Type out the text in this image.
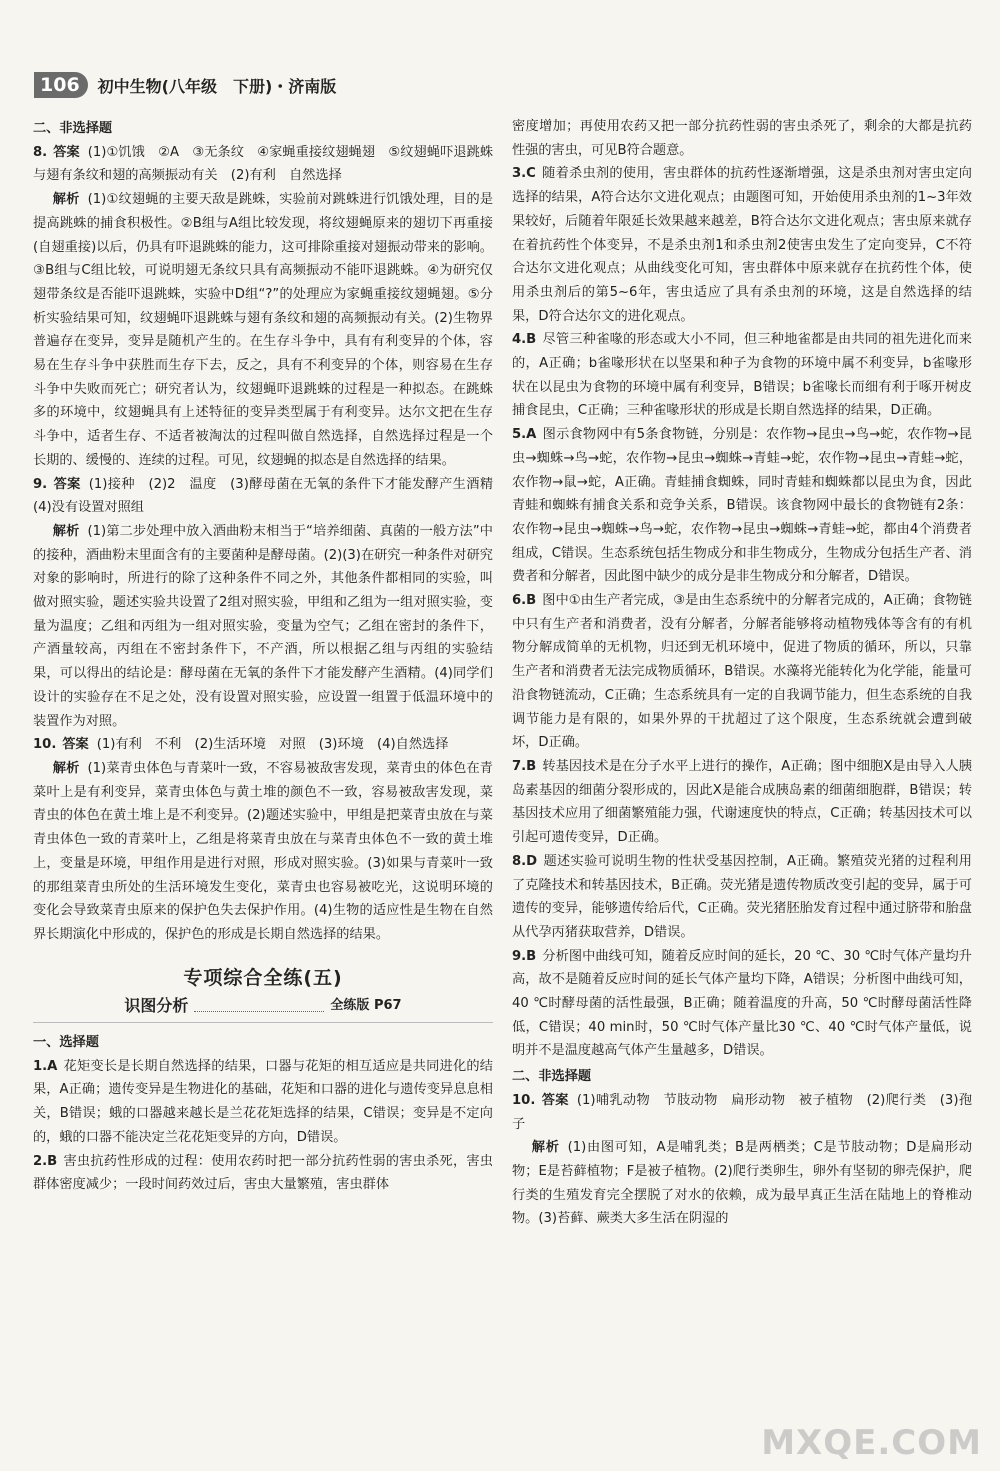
106	初中生物(八年级　下册)・济南版

二、非选择题

8. 答案 (1)①饥饿　②A　③无条纹　④家蝇重接纹翅蝇翅　⑤纹翅蝇吓退跳蛛与翅有条纹和翅的高频振动有关　(2)有利　自然选择

解析 (1)①纹翅蝇的主要天敌是跳蛛，实验前对跳蛛进行饥饿处理，目的是提高跳蛛的捕食积极性。②B组与A组比较发现，将纹翅蝇原来的翅切下再重接(自翅重接)以后，仍具有吓退跳蛛的能力，这可排除重接对翅振动带来的影响。③B组与C组比较，可说明翅无条纹只具有高频振动不能吓退跳蛛。④为研究仅翅带条纹是否能吓退跳蛛，实验中D组“?”的处理应为家蝇重接纹翅蝇翅。⑤分析实验结果可知，纹翅蝇吓退跳蛛与翅有条纹和翅的高频振动有关。(2)生物界普遍存在变异，变异是随机产生的。在生存斗争中，具有有利变异的个体，容易在生存斗争中获胜而生存下去，反之，具有不利变异的个体，则容易在生存斗争中失败而死亡；研究者认为，纹翅蝇吓退跳蛛的过程是一种拟态。在跳蛛多的环境中，纹翅蝇具有上述特征的变异类型属于有利变异。达尔文把在生存斗争中，适者生存、不适者被淘汰的过程叫做自然选择，自然选择过程是一个长期的、缓慢的、连续的过程。可见，纹翅蝇的拟态是自然选择的结果。

9. 答案 (1)接种　(2)2　温度　(3)酵母菌在无氧的条件下才能发酵产生酒精　(4)没有设置对照组

解析 (1)第二步处理中放入酒曲粉末相当于“培养细菌、真菌的一般方法”中的接种，酒曲粉末里面含有的主要菌种是酵母菌。(2)(3)在研究一种条件对研究对象的影响时，所进行的除了这种条件不同之外，其他条件都相同的实验，叫做对照实验，题述实验共设置了2组对照实验，甲组和乙组为一组对照实验，变量为温度；乙组和丙组为一组对照实验，变量为空气；乙组在密封的条件下，产酒量较高，丙组在不密封条件下，不产酒，所以根据乙组与丙组的实验结果，可以得出的结论是：酵母菌在无氧的条件下才能发酵产生酒精。(4)同学们设计的实验存在不足之处，没有设置对照实验，应设置一组置于低温环境中的装置作为对照。

10. 答案 (1)有利　不利　(2)生活环境　对照　(3)环境　(4)自然选择

解析 (1)菜青虫体色与青菜叶一致，不容易被敌害发现，菜青虫的体色在青菜叶上是有利变异，菜青虫体色与黄土堆的颜色不一致，容易被敌害发现，菜青虫的体色在黄土堆上是不利变异。(2)题述实验中，甲组是把菜青虫放在与菜青虫体色一致的青菜叶上，乙组是将菜青虫放在与菜青虫体色不一致的黄土堆上，变量是环境，甲组作用是进行对照，形成对照实验。(3)如果与青菜叶一致的那组菜青虫所处的生活环境发生变化，菜青虫也容易被吃光，这说明环境的变化会导致菜青虫原来的保护色失去保护作用。(4)生物的适应性是生物在自然界长期演化中形成的，保护色的形成是长期自然选择的结果。

专项综合全练(五)

识图分析	全练版 P67

一、选择题

1.A 花矩变长是长期自然选择的结果，口器与花矩的相互适应是共同进化的结果，A正确；遗传变异是生物进化的基础，花矩和口器的进化与遗传变异息息相关，B错误；蛾的口器越来越长是兰花花矩选择的结果，C错误；变异是不定向的，蛾的口器不能决定兰花花矩变异的方向，D错误。

2.B 害虫抗药性形成的过程：使用农药时把一部分抗药性弱的害虫杀死，害虫群体密度减少；一段时间药效过后，害虫大量繁殖，害虫群体

密度增加；再使用农药又把一部分抗药性弱的害虫杀死了，剩余的大都是抗药性强的害虫，可见B符合题意。

3.C 随着杀虫剂的使用，害虫群体的抗药性逐渐增强，这是杀虫剂对害虫定向选择的结果，A符合达尔文进化观点；由题图可知，开始使用杀虫剂的1~3年效果较好，后随着年限延长效果越来越差，B符合达尔文进化观点；害虫原来就存在着抗药性个体变异，不是杀虫剂1和杀虫剂2使害虫发生了定向变异，C不符合达尔文进化观点；从曲线变化可知，害虫群体中原来就存在抗药性个体，使用杀虫剂后的第5~6年，害虫适应了具有杀虫剂的环境，这是自然选择的结果，D符合达尔文的进化观点。

4.B 尽管三种雀喙的形态或大小不同，但三种地雀都是由共同的祖先进化而来的，A正确；b雀喙形状在以坚果和种子为食物的环境中属不利变异，b雀喙形状在以昆虫为食物的环境中属有利变异，B错误；b雀喙长而细有利于啄开树皮捕食昆虫，C正确；三种雀喙形状的形成是长期自然选择的结果，D正确。

5.A 图示食物网中有5条食物链，分别是：农作物→昆虫→鸟→蛇，农作物→昆虫→蜘蛛→鸟→蛇，农作物→昆虫→蜘蛛→青蛙→蛇，农作物→昆虫→青蛙→蛇，农作物→鼠→蛇，A正确。青蛙捕食蜘蛛，同时青蛙和蜘蛛都以昆虫为食，因此青蛙和蜘蛛有捕食关系和竞争关系，B错误。该食物网中最长的食物链有2条：农作物→昆虫→蜘蛛→鸟→蛇，农作物→昆虫→蜘蛛→青蛙→蛇，都由4个消费者组成，C错误。生态系统包括生物成分和非生物成分，生物成分包括生产者、消费者和分解者，因此图中缺少的成分是非生物成分和分解者，D错误。

6.B 图中①由生产者完成，③是由生态系统中的分解者完成的，A正确；食物链中只有生产者和消费者，没有分解者，分解者能够将动植物残体等含有的有机物分解成简单的无机物，归还到无机环境中，促进了物质的循环，所以，只靠生产者和消费者无法完成物质循环，B错误。水藻将光能转化为化学能，能量可沿食物链流动，C正确；生态系统具有一定的自我调节能力，但生态系统的自我调节能力是有限的，如果外界的干扰超过了这个限度，生态系统就会遭到破坏，D正确。

7.B 转基因技术是在分子水平上进行的操作，A正确；图中细胞X是由导入人胰岛素基因的细菌分裂形成的，因此X是能合成胰岛素的细菌细胞群，B错误；转基因技术应用了细菌繁殖能力强，代谢速度快的特点，C正确；转基因技术可以引起可遗传变异，D正确。

8.D 题述实验可说明生物的性状受基因控制，A正确。繁殖荧光猪的过程利用了克隆技术和转基因技术，B正确。荧光猪是遗传物质改变引起的变异，属于可遗传的变异，能够遗传给后代，C正确。荧光猪胚胎发育过程中通过脐带和胎盘从代孕丙猪获取营养，D错误。

9.B 分析图中曲线可知，随着反应时间的延长，20 ℃、30 ℃时气体产量均升高，故不是随着反应时间的延长气体产量均下降，A错误；分析图中曲线可知，40 ℃时酵母菌的活性最强，B正确；随着温度的升高，50 ℃时酵母菌活性降低，C错误；40 min时，50 ℃时气体产量比30 ℃、40 ℃时气体产量低，说明并不是温度越高气体产生量越多，D错误。

二、非选择题

10. 答案 (1)哺乳动物　节肢动物　扁形动物　被子植物　(2)爬行类　(3)孢子

解析 (1)由图可知，A是哺乳类；B是两栖类；C是节肢动物；D是扁形动物；E是苔藓植物；F是被子植物。(2)爬行类卵生，卵外有坚韧的卵壳保护，爬行类的生殖发育完全摆脱了对水的依赖，成为最早真正生活在陆地上的脊椎动物。(3)苔藓、蕨类大多生活在阴湿的

MXQE.COM
